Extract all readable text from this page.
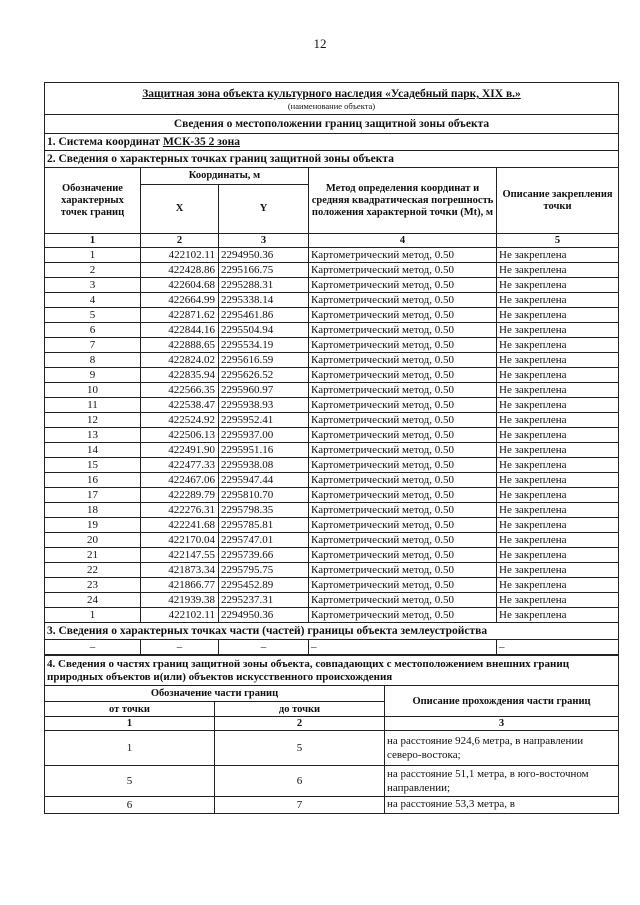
12
Защитная зона объекта культурного наследия «Усадебный парк, XIX в.»
(наименование объекта)				

Сведения о местоположении границ защитной зоны объекта				
1. Система координат МСК-35 2 зона				
2. Сведения о характерных точках границ защитной зоны объекта				
Обозначение характерных точек границ	Координаты, м		Метод определения координат и средняя квадратическая погрешность положения характерной точки (Mt), м	Описание закрепления точки
	X	Y		
1	2	3	4	5
1	422102.11	2294950.36	Картометрический метод, 0.50	Не закреплена
2	422428.86	2295166.75	Картометрический метод, 0.50	Не закреплена
3	422604.68	2295288.31	Картометрический метод, 0.50	Не закреплена
4	422664.99	2295338.14	Картометрический метод, 0.50	Не закреплена
5	422871.62	2295461.86	Картометрический метод, 0.50	Не закреплена
6	422844.16	2295504.94	Картометрический метод, 0.50	Не закреплена
7	422888.65	2295534.19	Картометрический метод, 0.50	Не закреплена
8	422824.02	2295616.59	Картометрический метод, 0.50	Не закреплена
9	422835.94	2295626.52	Картометрический метод, 0.50	Не закреплена
10	422566.35	2295960.97	Картометрический метод, 0.50	Не закреплена
11	422538.47	2295938.93	Картометрический метод, 0.50	Не закреплена
12	422524.92	2295952.41	Картометрический метод, 0.50	Не закреплена
13	422506.13	2295937.00	Картометрический метод, 0.50	Не закреплена
14	422491.90	2295951.16	Картометрический метод, 0.50	Не закреплена
15	422477.33	2295938.08	Картометрический метод, 0.50	Не закреплена
16	422467.06	2295947.44	Картометрический метод, 0.50	Не закреплена
17	422289.79	2295810.70	Картометрический метод, 0.50	Не закреплена
18	422276.31	2295798.35	Картометрический метод, 0.50	Не закреплена
19	422241.68	2295785.81	Картометрический метод, 0.50	Не закреплена
20	422170.04	2295747.01	Картометрический метод, 0.50	Не закреплена
21	422147.55	2295739.66	Картометрический метод, 0.50	Не закреплена
22	421873.34	2295795.75	Картометрический метод, 0.50	Не закреплена
23	421866.77	2295452.89	Картометрический метод, 0.50	Не закреплена
24	421939.38	2295237.31	Картометрический метод, 0.50	Не закреплена
1	422102.11	2294950.36	Картометрический метод, 0.50	Не закреплена
3. Сведения о характерных точках части (частей) границы объекта землеустройства				
–	–	–	–	–
4. Сведения о частях границ защитной зоны объекта, совпадающих с местоположением внешних границ природных объектов и(или) объектов искусственного происхождения		
Обозначение части границ		Описание прохождения части границ
от точки	до точки	
1	2	3
1	5	на расстояние 924,6 метра, в направлении северо-востока;
5	6	на расстояние 51,1 метра, в юго-восточном направлении;
6	7	на расстояние 53,3 метра, в
